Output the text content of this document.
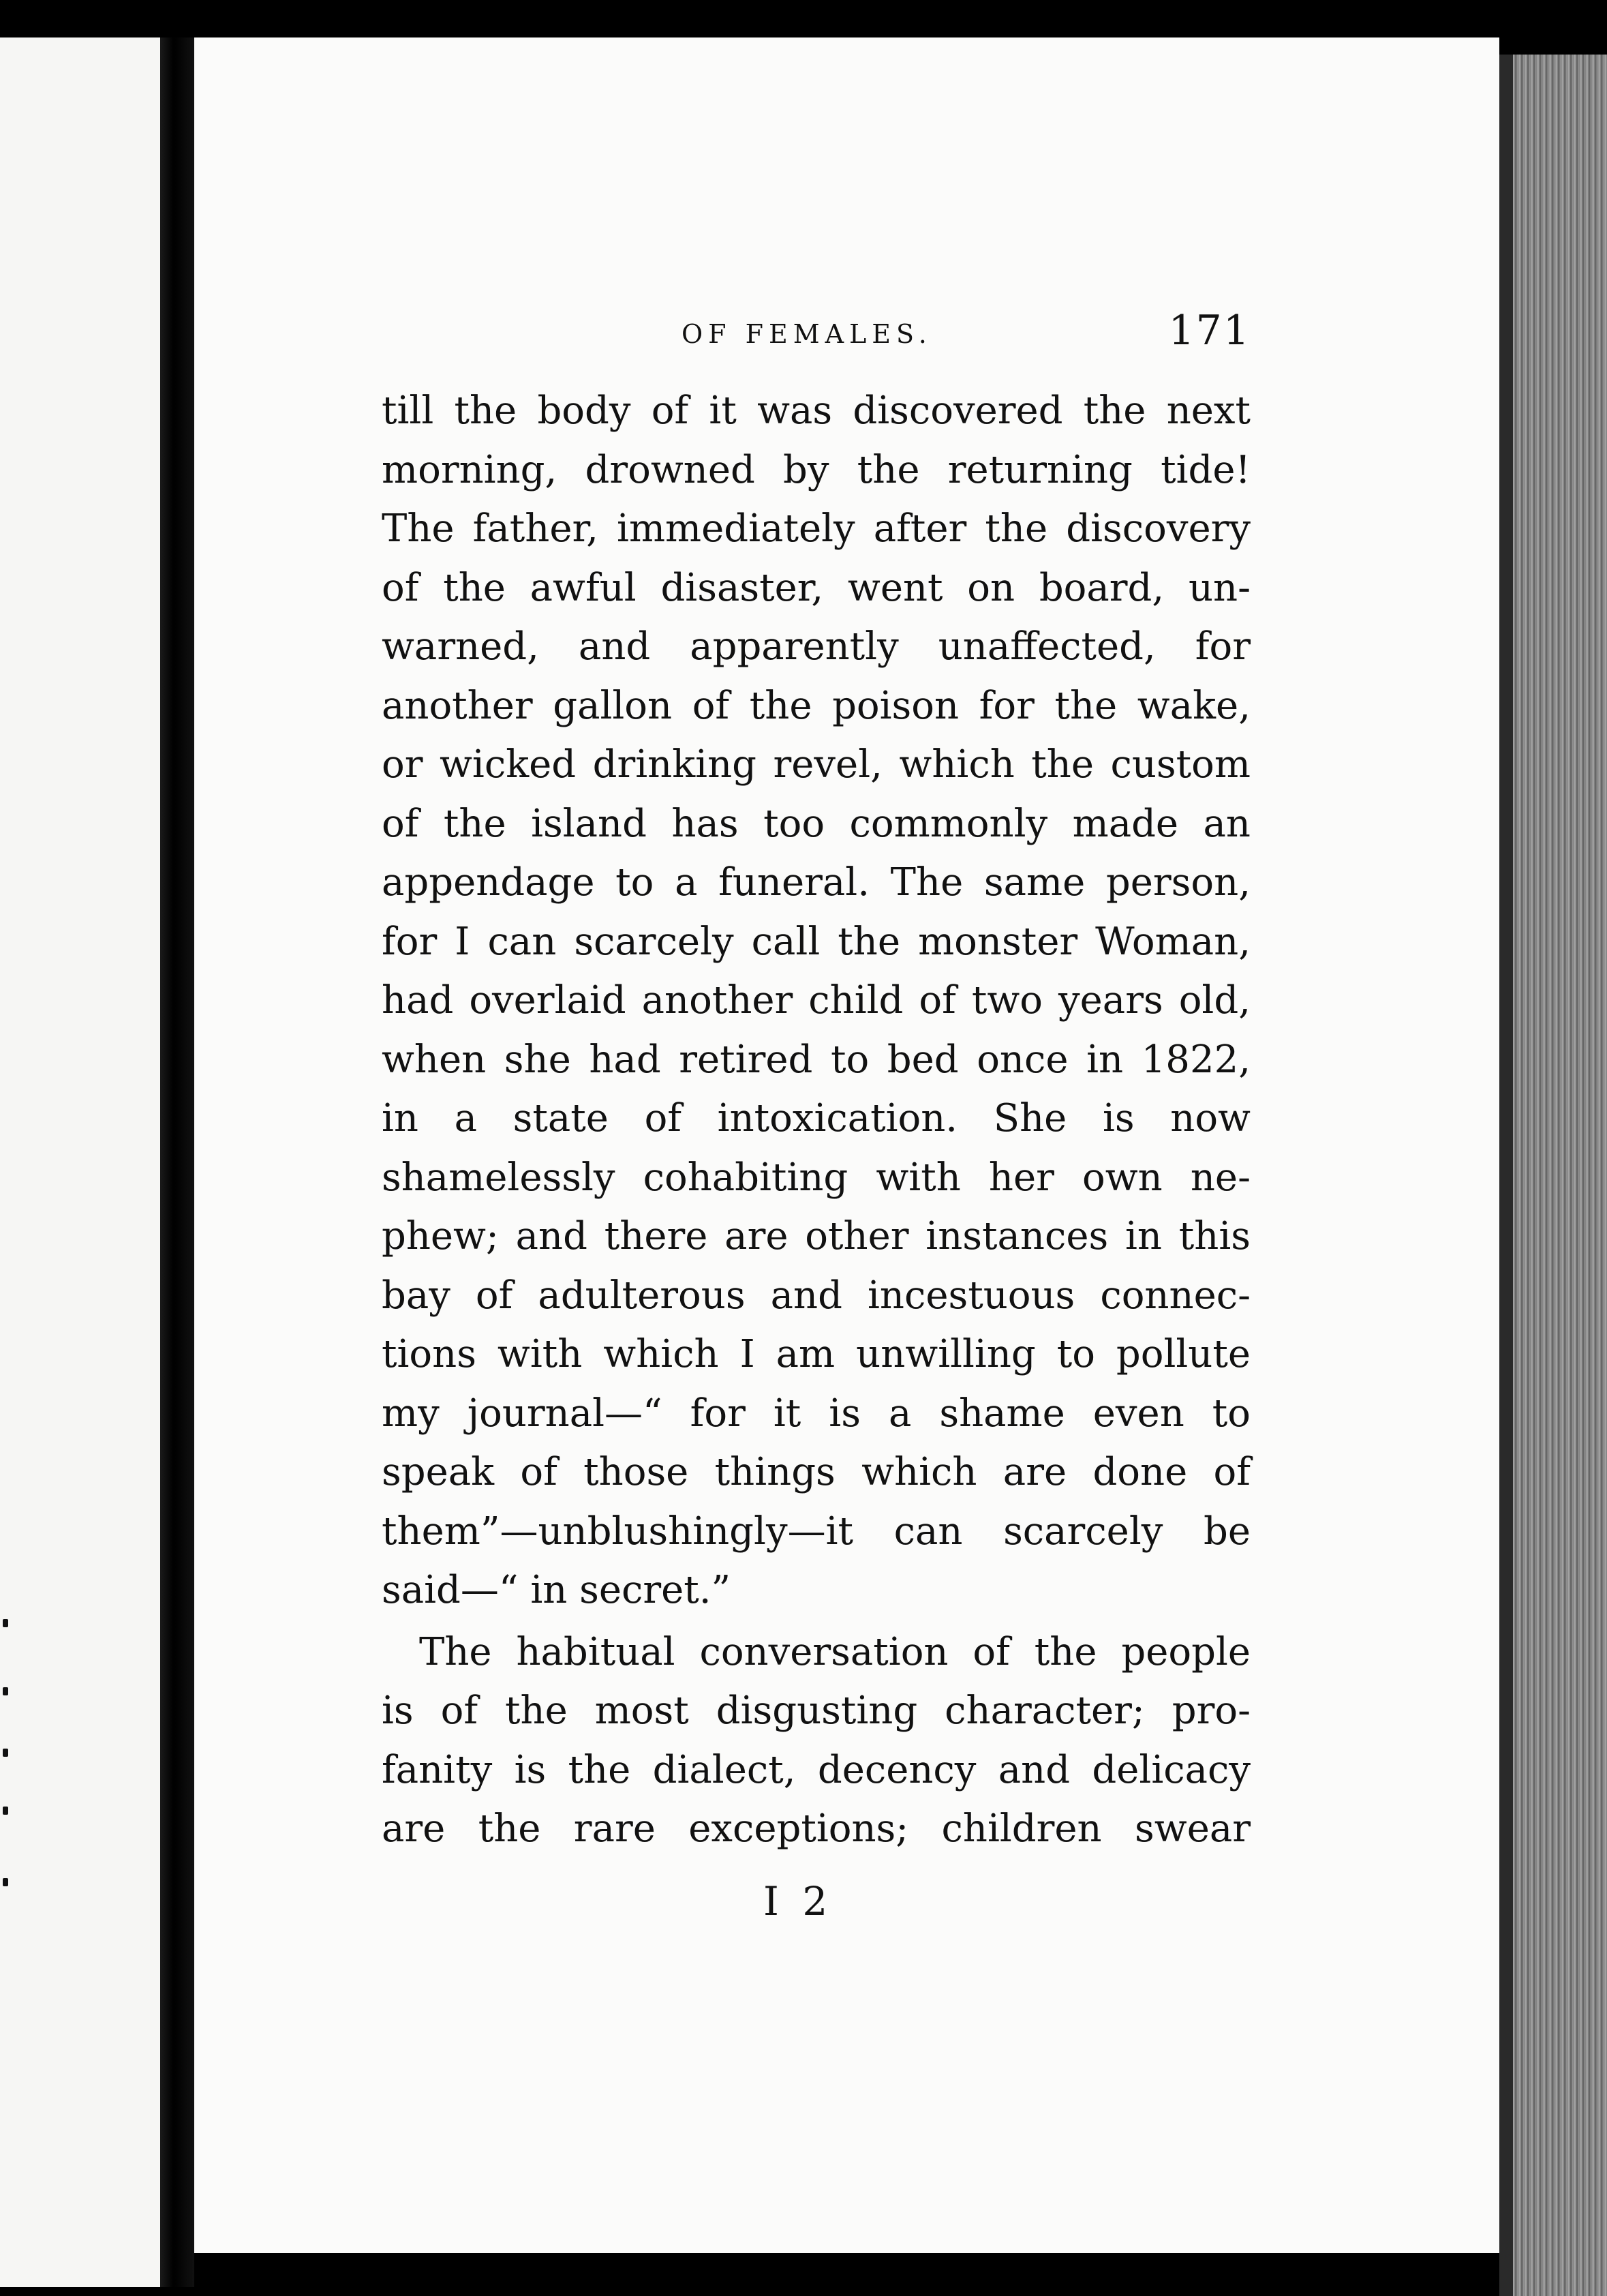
OF FEMALES.	171
till the body of it was discovered the next
morning, drowned by the returning tide!
The father, immediately after the discovery
of the awful disaster, went on board, un-
warned, and apparently unaffected, for
another gallon of the poison for the wake,
or wicked drinking revel, which the custom
of the island has too commonly made an
appendage to a funeral. The same person,
for I can scarcely call the monster Woman,
had overlaid another child of two years old,
when she had retired to bed once in 1822,
in a state of intoxication. She is now
shamelessly cohabiting with her own ne-
phew; and there are other instances in this
bay of adulterous and incestuous connec-
tions with which I am unwilling to pollute
my journal—“ for it is a shame even to
speak of those things which are done of
them”—unblushingly—it can scarcely be
said—“ in secret.”
The habitual conversation of the people
is of the most disgusting character; pro-
fanity is the dialect, decency and delicacy
are the rare exceptions; children swear
I 2
